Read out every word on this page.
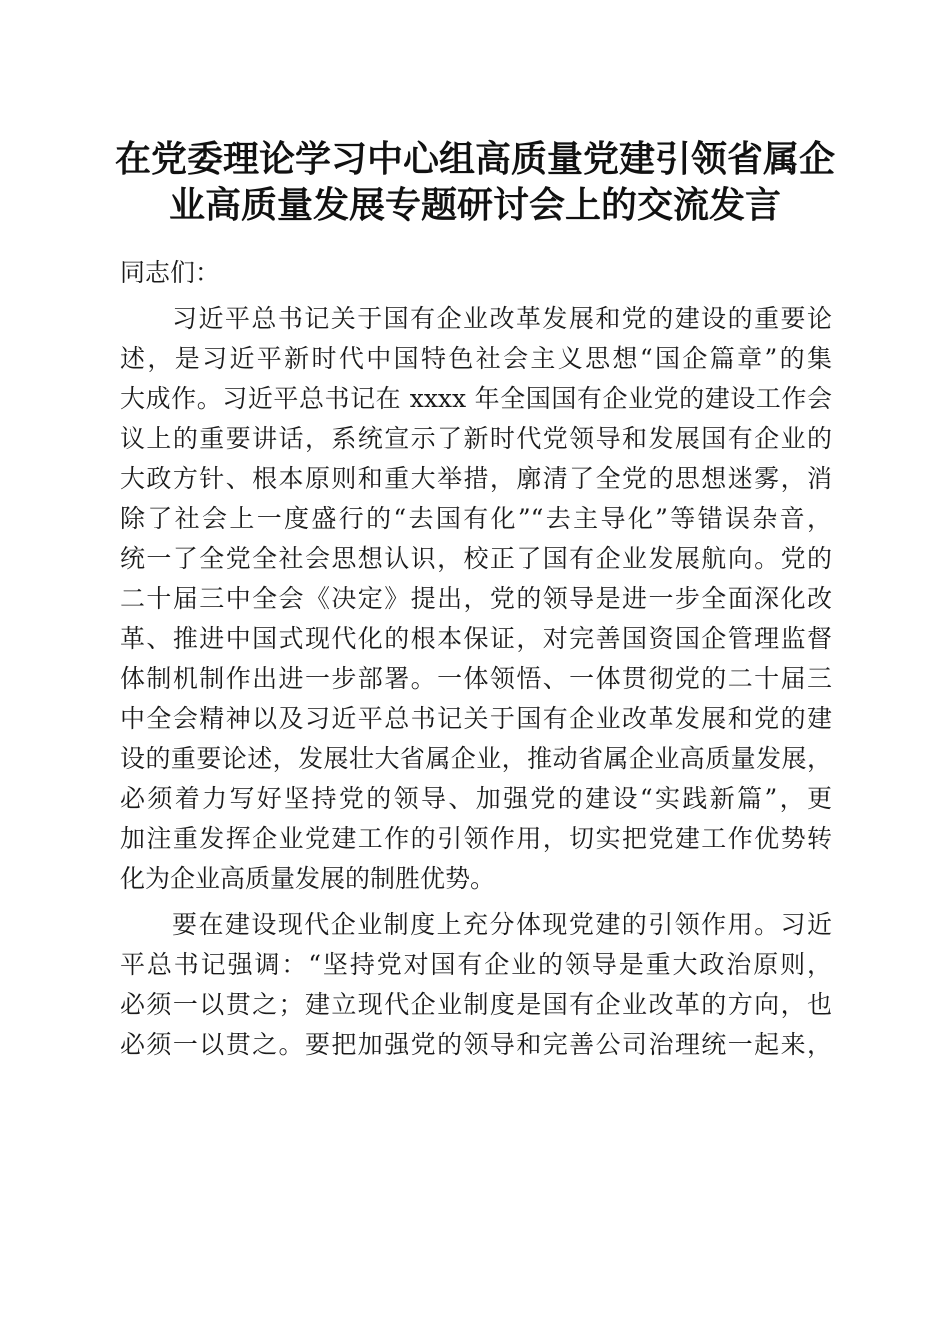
在党委理论学习中心组高质量党建引领省属企
业高质量发展专题研讨会上的交流发言

同志们：

习近平总书记关于国有企业改革发展和党的建设的重要论
述，是习近平新时代中国特色社会主义思想“国企篇章”的集
大成作。习近平总书记在 xxxx 年全国国有企业党的建设工作会
议上的重要讲话，系统宣示了新时代党领导和发展国有企业的
大政方针、根本原则和重大举措，廓清了全党的思想迷雾，消
除了社会上一度盛行的“去国有化”“去主导化”等错误杂音，
统一了全党全社会思想认识，校正了国有企业发展航向。党的
二十届三中全会《决定》提出，党的领导是进一步全面深化改
革、推进中国式现代化的根本保证，对完善国资国企管理监督
体制机制作出进一步部署。一体领悟、一体贯彻党的二十届三
中全会精神以及习近平总书记关于国有企业改革发展和党的建
设的重要论述，发展壮大省属企业，推动省属企业高质量发展，
必须着力写好坚持党的领导、加强党的建设“实践新篇”，更
加注重发挥企业党建工作的引领作用，切实把党建工作优势转
化为企业高质量发展的制胜优势。
要在建设现代企业制度上充分体现党建的引领作用。习近
平总书记强调：“坚持党对国有企业的领导是重大政治原则，
必须一以贯之；建立现代企业制度是国有企业改革的方向，也
必须一以贯之。要把加强党的领导和完善公司治理统一起来，
